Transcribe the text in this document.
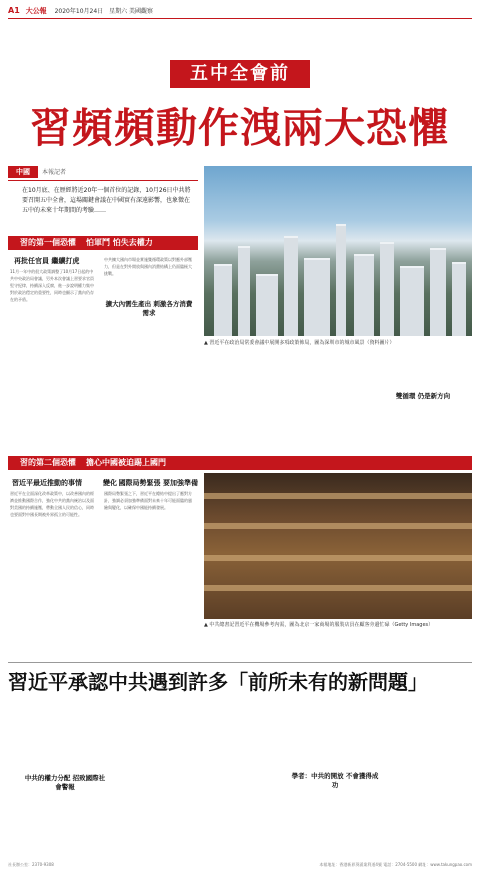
A1 大公報 2020年10月24日 星期六 美國觀察
五中全會前
習頻頻動作洩兩大恐懼
中國	本報記者
在10月底、在歷經將近20年一個首位的記錄，10月26日中共將要召開五中全會，這場關鍵會議在中國實有深遠影響，也象徵在五中的未來十年期間的考驗……
習的第一個恐懼 怕軍鬥 怕失去權力
▲ 習近平在政治局常委會議中展開多項政策佈局，圖為深圳市的城市風景（資料圖片）
再批任官員 繼續打虎
11月一年中的很大政策調整了10月17日起的中共中央政治局會議，另外本次會議上習要求官員堅守紀律，持續深入反腐，進一步說明權力集中對於政治穩定的重要性，同時也顯示了黨內仍存在的矛盾。
擴大內需生產出 刺激各方消費需求
中共擴大國內市場並實施雙循環政策以對應外部壓力，但是在對外開放與國內消費結構上仍面臨極大挑戰。
雙循環 仍是新方向
習的第二個恐懼 擔心中國被迫踢上國門
習近平最近推動的事情
習近平在全面深化改革政策中，以改善國內的經濟並推動國際合作，強化中共的黨內統治以及面對美國的持續施壓，帶動全國人民的信心，同時也要面對中國長期被外界孤立的可能性。
變化 國際局勢緊張 要加強準備
國際局勢緊張之下，習近平在總結中提出了應對方針，強調必須加強準備面對未來十年可能面臨的風險與變化，以確保中國能持續發展。
▲ 中共總書記習近平在機場參考內需，圖為北京一家商場的服裝店員在顧客旁邊忙碌（Getty Images）
習近平承認中共遇到許多「前所未有的新問題」
中共的權力分配 招致國際社會警報
學者：中共的開放 不會獲得成功
社長辦公室：2370-9308	本報地址：香港新界葵涌業利道4號 電話：2704-5500 網址：www.takungpao.com
